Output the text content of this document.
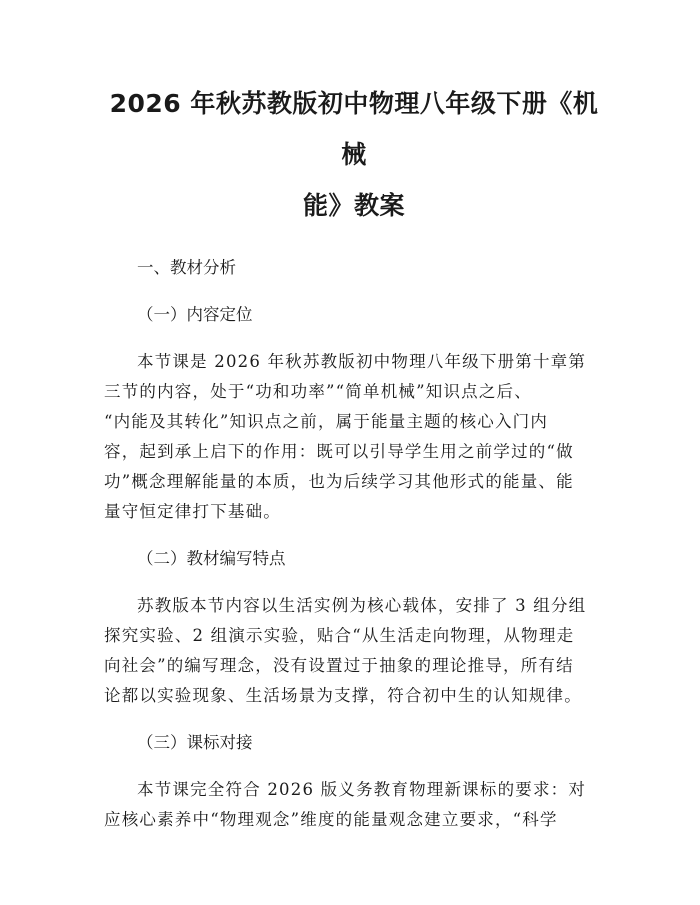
2026 年秋苏教版初中物理八年级下册《机械
能》教案

一、教材分析

（一）内容定位

本节课是 2026 年秋苏教版初中物理八年级下册第十章第
三节的内容，处于“功和功率”“简单机械”知识点之后、
“内能及其转化”知识点之前，属于能量主题的核心入门内
容，起到承上启下的作用：既可以引导学生用之前学过的“做
功”概念理解能量的本质，也为后续学习其他形式的能量、能
量守恒定律打下基础。

（二）教材编写特点

苏教版本节内容以生活实例为核心载体，安排了 3 组分组
探究实验、2 组演示实验，贴合“从生活走向物理，从物理走
向社会”的编写理念，没有设置过于抽象的理论推导，所有结
论都以实验现象、生活场景为支撑，符合初中生的认知规律。

（三）课标对接

本节课完全符合 2026 版义务教育物理新课标的要求：对
应核心素养中“物理观念”维度的能量观念建立要求，“科学
